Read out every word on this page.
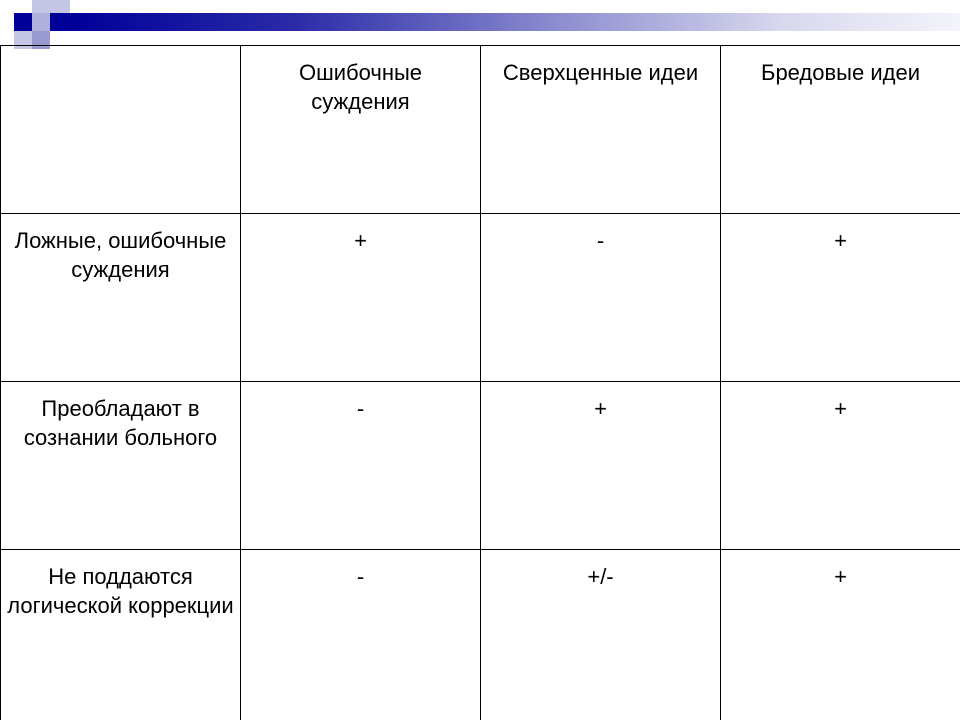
	Ошибочные суждения	Сверхценные идеи	Бредовые идеи
Ложные, ошибочные суждения	+	-	+
Преобладают в сознании больного	-	+	+
Не поддаются логической коррекции	-	+/-	+
